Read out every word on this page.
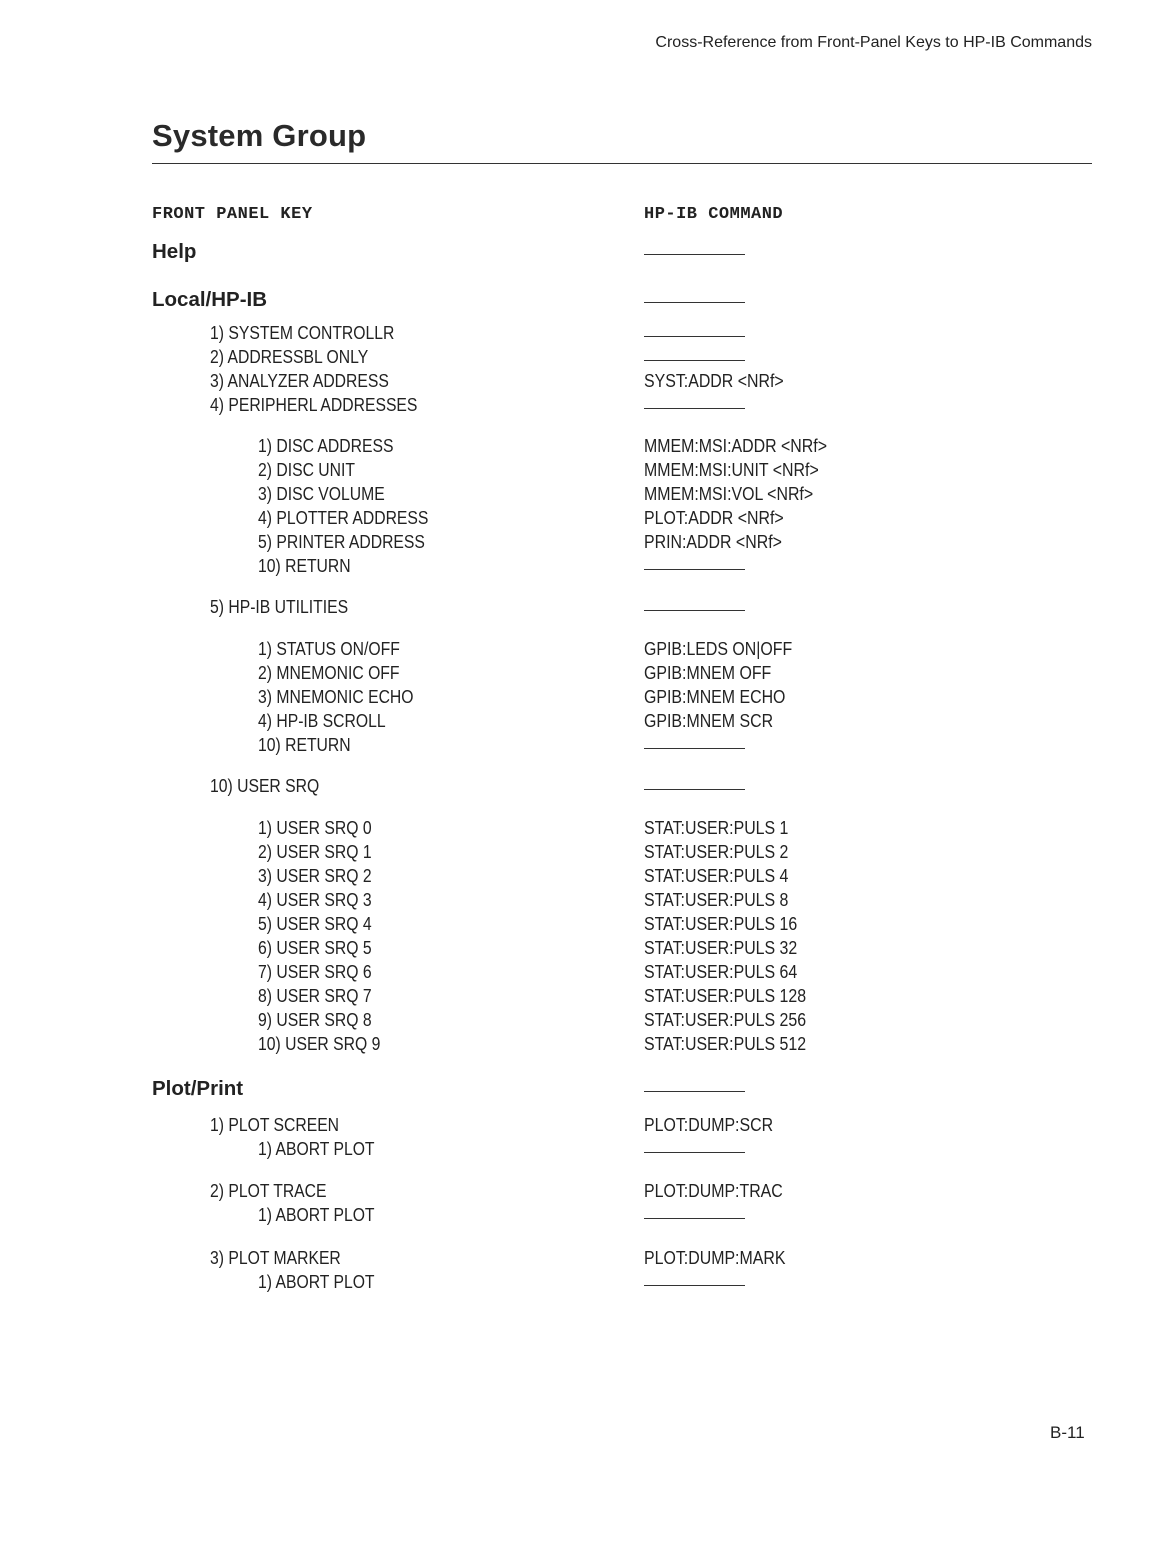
Cross-Reference from Front-Panel Keys to HP-IB Commands
System Group
FRONT PANEL KEY	HP-IB COMMAND
Help
Local/HP-IB
1) SYSTEM CONTROLLR
2) ADDRESSBL ONLY
3) ANALYZER ADDRESS	SYST:ADDR <NRf>
4) PERIPHERL ADDRESSES
1) DISC ADDRESS	MMEM:MSI:ADDR <NRf>
2) DISC UNIT	MMEM:MSI:UNIT <NRf>
3) DISC VOLUME	MMEM:MSI:VOL <NRf>
4) PLOTTER ADDRESS	PLOT:ADDR <NRf>
5) PRINTER ADDRESS	PRIN:ADDR <NRf>
10) RETURN
5) HP-IB UTILITIES
1) STATUS ON/OFF	GPIB:LEDS ON|OFF
2) MNEMONIC OFF	GPIB:MNEM OFF
3) MNEMONIC ECHO	GPIB:MNEM ECHO
4) HP-IB SCROLL	GPIB:MNEM SCR
10) RETURN
10) USER SRQ
1) USER SRQ 0	STAT:USER:PULS 1
2) USER SRQ 1	STAT:USER:PULS 2
3) USER SRQ 2	STAT:USER:PULS 4
4) USER SRQ 3	STAT:USER:PULS 8
5) USER SRQ 4	STAT:USER:PULS 16
6) USER SRQ 5	STAT:USER:PULS 32
7) USER SRQ 6	STAT:USER:PULS 64
8) USER SRQ 7	STAT:USER:PULS 128
9) USER SRQ 8	STAT:USER:PULS 256
10) USER SRQ 9	STAT:USER:PULS 512
Plot/Print
1) PLOT SCREEN	PLOT:DUMP:SCR
1) ABORT PLOT
2) PLOT TRACE	PLOT:DUMP:TRAC
1) ABORT PLOT
3) PLOT MARKER	PLOT:DUMP:MARK
1) ABORT PLOT
B-11
